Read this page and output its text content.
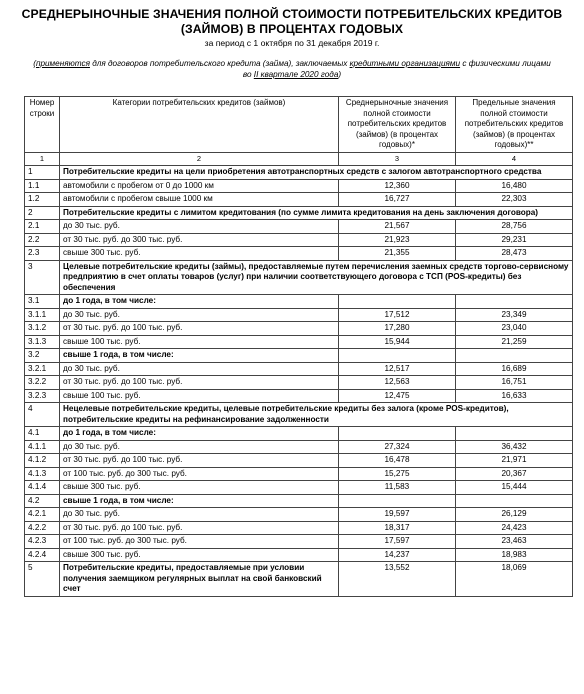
СРЕДНЕРЫНОЧНЫЕ ЗНАЧЕНИЯ ПОЛНОЙ СТОИМОСТИ ПОТРЕБИТЕЛЬСКИХ КРЕДИТОВ
(ЗАЙМОВ) В ПРОЦЕНТАХ ГОДОВЫХ
за период с 1 октября по 31 декабря 2019 г.
(применяются для договоров потребительского кредита (займа), заключаемых кредитными организациями с физическими лицами во II квартале 2020 года)
Номер строки	Категории потребительских кредитов (займов)	Среднерыночные значения полной стоимости потребительских кредитов (займов) (в процентах годовых)*	Предельные значения полной стоимости потребительских кредитов (займов) (в процентах годовых)**
1	2	3	4
1	Потребительские кредиты на цели приобретения автотранспортных средств с залогом автотранспортного средства		
1.1	автомобили с пробегом от 0 до 1000 км	12,360	16,480
1.2	автомобили с пробегом свыше 1000 км	16,727	22,303
2	Потребительские кредиты с лимитом кредитования (по сумме лимита кредитования на день заключения договора)		
2.1	до 30 тыс. руб.	21,567	28,756
2.2	от 30 тыс. руб. до 300 тыс. руб.	21,923	29,231
2.3	свыше 300 тыс. руб.	21,355	28,473
3	Целевые потребительские кредиты (займы), предоставляемые путем перечисления заемных средств торгово-сервисному предприятию в счет оплаты товаров (услуг) при наличии соответствующего договора с ТСП (POS-кредиты) без обеспечения		
3.1	до 1 года, в том числе:		
3.1.1	до 30 тыс. руб.	17,512	23,349
3.1.2	от 30 тыс. руб. до 100 тыс. руб.	17,280	23,040
3.1.3	свыше 100 тыс. руб.	15,944	21,259
3.2	свыше 1 года, в том числе:		
3.2.1	до 30 тыс. руб.	12,517	16,689
3.2.2	от 30 тыс. руб. до 100 тыс. руб.	12,563	16,751
3.2.3	свыше 100 тыс. руб.	12,475	16,633
4	Нецелевые потребительские кредиты, целевые потребительские кредиты без залога (кроме POS-кредитов), потребительские кредиты на рефинансирование задолженности		
4.1	до 1 года, в том числе:		
4.1.1	до 30 тыс. руб.	27,324	36,432
4.1.2	от 30 тыс. руб. до 100 тыс. руб.	16,478	21,971
4.1.3	от 100 тыс. руб. до 300 тыс. руб.	15,275	20,367
4.1.4	свыше 300 тыс. руб.	11,583	15,444
4.2	свыше 1 года, в том числе:		
4.2.1	до 30 тыс. руб.	19,597	26,129
4.2.2	от 30 тыс. руб. до 100 тыс. руб.	18,317	24,423
4.2.3	от 100 тыс. руб. до 300 тыс. руб.	17,597	23,463
4.2.4	свыше 300 тыс. руб.	14,237	18,983
5	Потребительские кредиты, предоставляемые при условии получения заемщиком регулярных выплат на свой банковский счет	13,552	18,069
